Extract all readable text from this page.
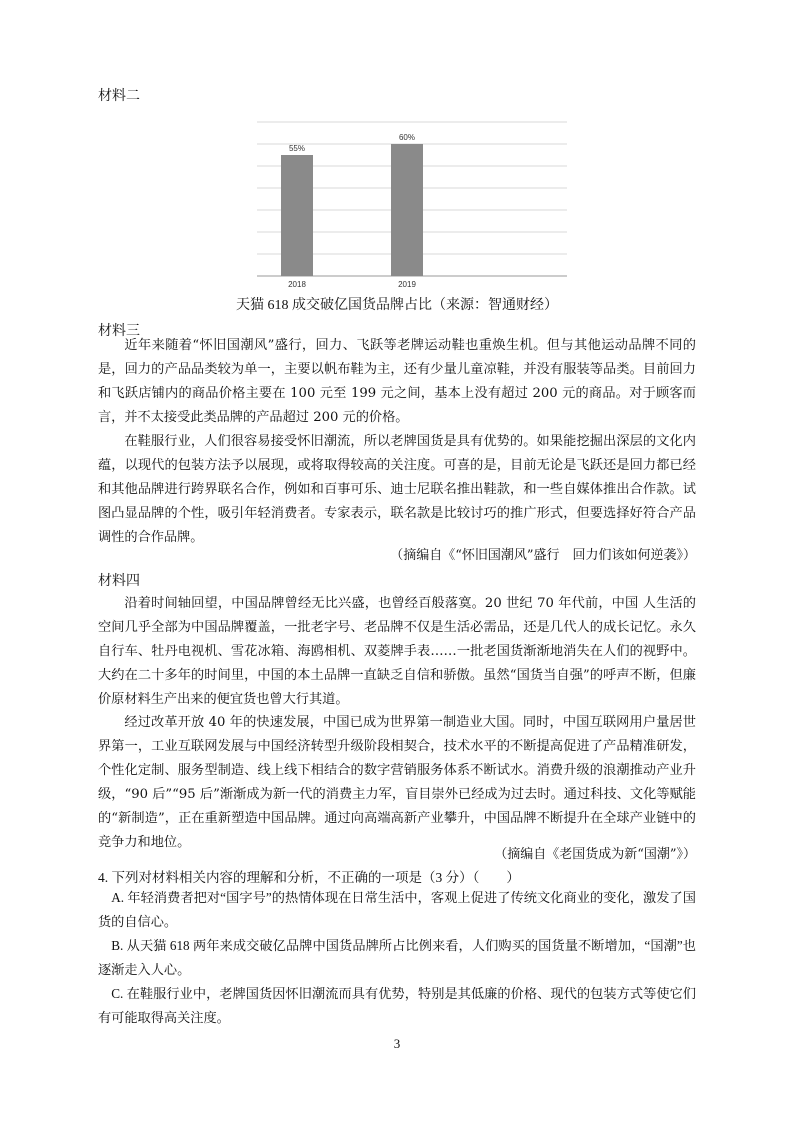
材料二
55%
60%
2018	2019
天猫 618 成交破亿国货品牌占比（来源：智通财经）
材料三

近年来随着“怀旧国潮风”盛行，回力、飞跃等老牌运动鞋也重焕生机。但与其他运动品牌不同的是，回力的产品品类较为单一，主要以帆布鞋为主，还有少量儿童凉鞋，并没有服装等品类。目前回力和飞跃店铺内的商品价格主要在 100 元至 199 元之间，基本上没有超过 200 元的商品。对于顾客而言，并不太接受此类品牌的产品超过 200 元的价格。

在鞋服行业，人们很容易接受怀旧潮流，所以老牌国货是具有优势的。如果能挖掘出深层的文化内蕴，以现代的包装方法予以展现，或将取得较高的关注度。可喜的是，目前无论是飞跃还是回力都已经和其他品牌进行跨界联名合作，例如和百事可乐、迪士尼联名推出鞋款，和一些自媒体推出合作款。试图凸显品牌的个性，吸引年轻消费者。专家表示，联名款是比较讨巧的推广形式，但要选择好符合产品调性的合作品牌。

（摘编自《“怀旧国潮风”盛行　回力们该如何逆袭》）
材料四

沿着时间轴回望，中国品牌曾经无比兴盛，也曾经百般落寞。20 世纪 70 年代前，中国 人生活的空间几乎全部为中国品牌覆盖，一批老字号、老品牌不仅是生活必需品，还是几代人的成长记忆。永久自行车、牡丹电视机、雪花冰箱、海鸥相机、双菱牌手表……一批老国货渐渐地消失在人们的视野中。大约在二十多年的时间里，中国的本土品牌一直缺乏自信和骄傲。虽然“国货当自强”的呼声不断，但廉价原材料生产出来的便宜货也曾大行其道。

经过改革开放 40 年的快速发展，中国已成为世界第一制造业大国。同时，中国互联网用户量居世界第一，工业互联网发展与中国经济转型升级阶段相契合，技术水平的不断提高促进了产品精准研发，个性化定制、服务型制造、线上线下相结合的数字营销服务体系不断试水。消费升级的浪潮推动产业升级，“90 后”“95 后”渐渐成为新一代的消费主力军，盲目崇外已经成为过去时。通过科技、文化等赋能的“新制造”，正在重新塑造中国品牌。通过向高端高新产业攀升，中国品牌不断提升在全球产业链中的竞争力和地位。

（摘编自《老国货成为新“国潮”》）
4. 下列对材料相关内容的理解和分析，不正确的一项是（3 分）（　　）

A. 年轻消费者把对“国字号”的热情体现在日常生活中，客观上促进了传统文化商业的变化，激发了国货的自信心。

B. 从天猫 618 两年来成交破亿品牌中国货品牌所占比例来看，人们购买的国货量不断增加，“国潮”也逐渐走入人心。

C. 在鞋服行业中，老牌国货因怀旧潮流而具有优势，特别是其低廉的价格、现代的包装方式等使它们有可能取得高关注度。

3
